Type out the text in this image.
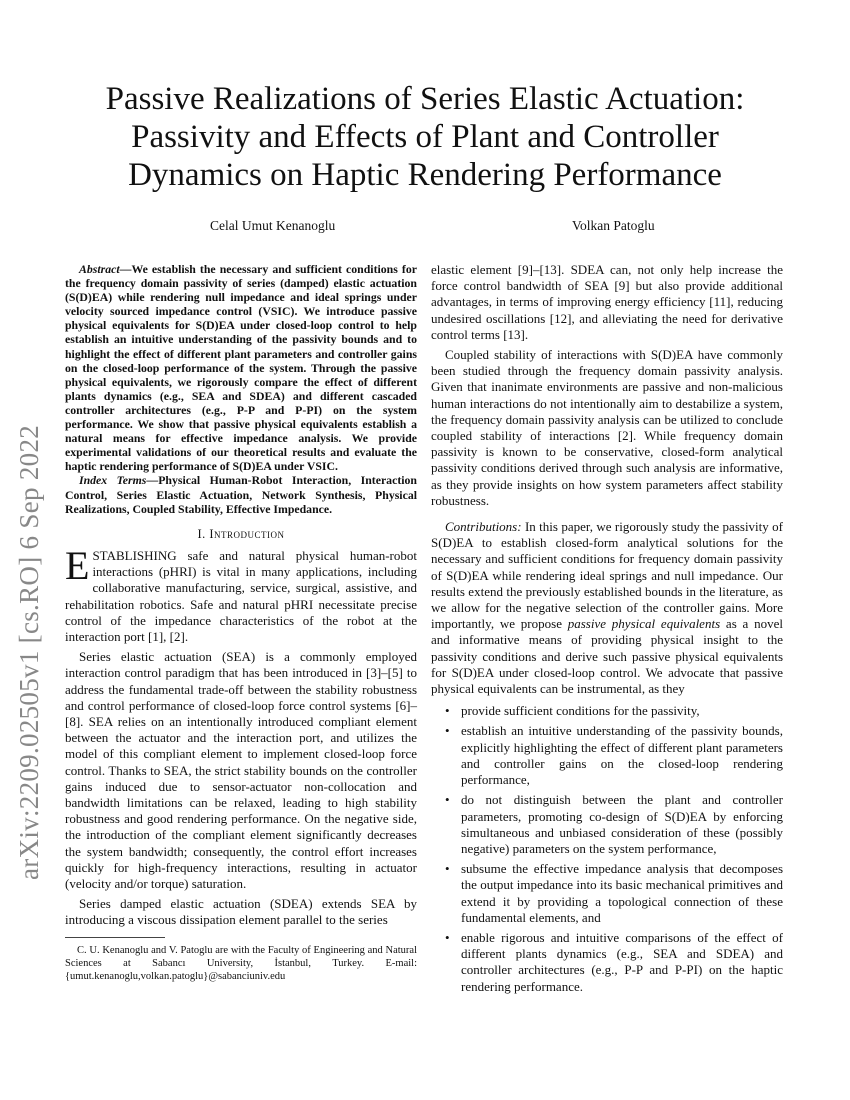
arXiv:2209.02505v1 [cs.RO] 6 Sep 2022
Passive Realizations of Series Elastic Actuation:
Passivity and Effects of Plant and Controller
Dynamics on Haptic Rendering Performance
Celal Umut Kenanoglu	Volkan Patoglu

Abstract—We establish the necessary and sufficient conditions for the frequency domain passivity of series (damped) elastic actuation (S(D)EA) while rendering null impedance and ideal springs under velocity sourced impedance control (VSIC). We introduce passive physical equivalents for S(D)EA under closed-loop control to help establish an intuitive understanding of the passivity bounds and to highlight the effect of different plant parameters and controller gains on the closed-loop performance of the system. Through the passive physical equivalents, we rigorously compare the effect of different plants dynamics (e.g., SEA and SDEA) and different cascaded controller architectures (e.g., P-P and P-PI) on the system performance. We show that passive physical equivalents establish a natural means for effective impedance analysis. We provide experimental validations of our theoretical results and evaluate the haptic rendering performance of S(D)EA under VSIC.

Index Terms—Physical Human-Robot Interaction, Interaction Control, Series Elastic Actuation, Network Synthesis, Physical Realizations, Coupled Stability, Effective Impedance.

I. Introduction

ESTABLISHING safe and natural physical human-robot interactions (pHRI) is vital in many applications, including collaborative manufacturing, service, surgical, assistive, and rehabilitation robotics. Safe and natural pHRI necessitate precise control of the impedance characteristics of the robot at the interaction port [1], [2].

Series elastic actuation (SEA) is a commonly employed interaction control paradigm that has been introduced in [3]–[5] to address the fundamental trade-off between the stability robustness and control performance of closed-loop force control systems [6]–[8]. SEA relies on an intentionally introduced compliant element between the actuator and the interaction port, and utilizes the model of this compliant element to implement closed-loop force control. Thanks to SEA, the strict stability bounds on the controller gains induced due to sensor-actuator non-collocation and bandwidth limitations can be relaxed, leading to high stability robustness and good rendering performance. On the negative side, the introduction of the compliant element significantly decreases the system bandwidth; consequently, the control effort increases quickly for high-frequency interactions, resulting in actuator (velocity and/or torque) saturation.

Series damped elastic actuation (SDEA) extends SEA by introducing a viscous dissipation element parallel to the series

C. U. Kenanoglu and V. Patoglu are with the Faculty of Engineering and Natural Sciences at Sabancı University, İstanbul, Turkey. E-mail: {umut.kenanoglu,volkan.patoglu}@sabanciuniv.edu

elastic element [9]–[13]. SDEA can, not only help increase the force control bandwidth of SEA [9] but also provide additional advantages, in terms of improving energy efficiency [11], reducing undesired oscillations [12], and alleviating the need for derivative control terms [13].

Coupled stability of interactions with S(D)EA have commonly been studied through the frequency domain passivity analysis. Given that inanimate environments are passive and non-malicious human interactions do not intentionally aim to destabilize a system, the frequency domain passivity analysis can be utilized to conclude coupled stability of interactions [2]. While frequency domain passivity is known to be conservative, closed-form analytical passivity conditions derived through such analysis are informative, as they provide insights on how system parameters affect stability robustness.

Contributions: In this paper, we rigorously study the passivity of S(D)EA to establish closed-form analytical solutions for the necessary and sufficient conditions for frequency domain passivity of S(D)EA while rendering ideal springs and null impedance. Our results extend the previously established bounds in the literature, as we allow for the negative selection of the controller gains. More importantly, we propose passive physical equivalents as a novel and informative means of providing physical insight to the passivity conditions and derive such passive physical equivalents for S(D)EA under closed-loop control. We advocate that passive physical equivalents can be instrumental, as they

• provide sufficient conditions for the passivity,
• establish an intuitive understanding of the passivity bounds, explicitly highlighting the effect of different plant parameters and controller gains on the closed-loop rendering performance,
• do not distinguish between the plant and controller parameters, promoting co-design of S(D)EA by enforcing simultaneous and unbiased consideration of these (possibly negative) parameters on the system performance,
• subsume the effective impedance analysis that decomposes the output impedance into its basic mechanical primitives and extend it by providing a topological connection of these fundamental elements, and
• enable rigorous and intuitive comparisons of the effect of different plants dynamics (e.g., SEA and SDEA) and controller architectures (e.g., P-P and P-PI) on the haptic rendering performance.
